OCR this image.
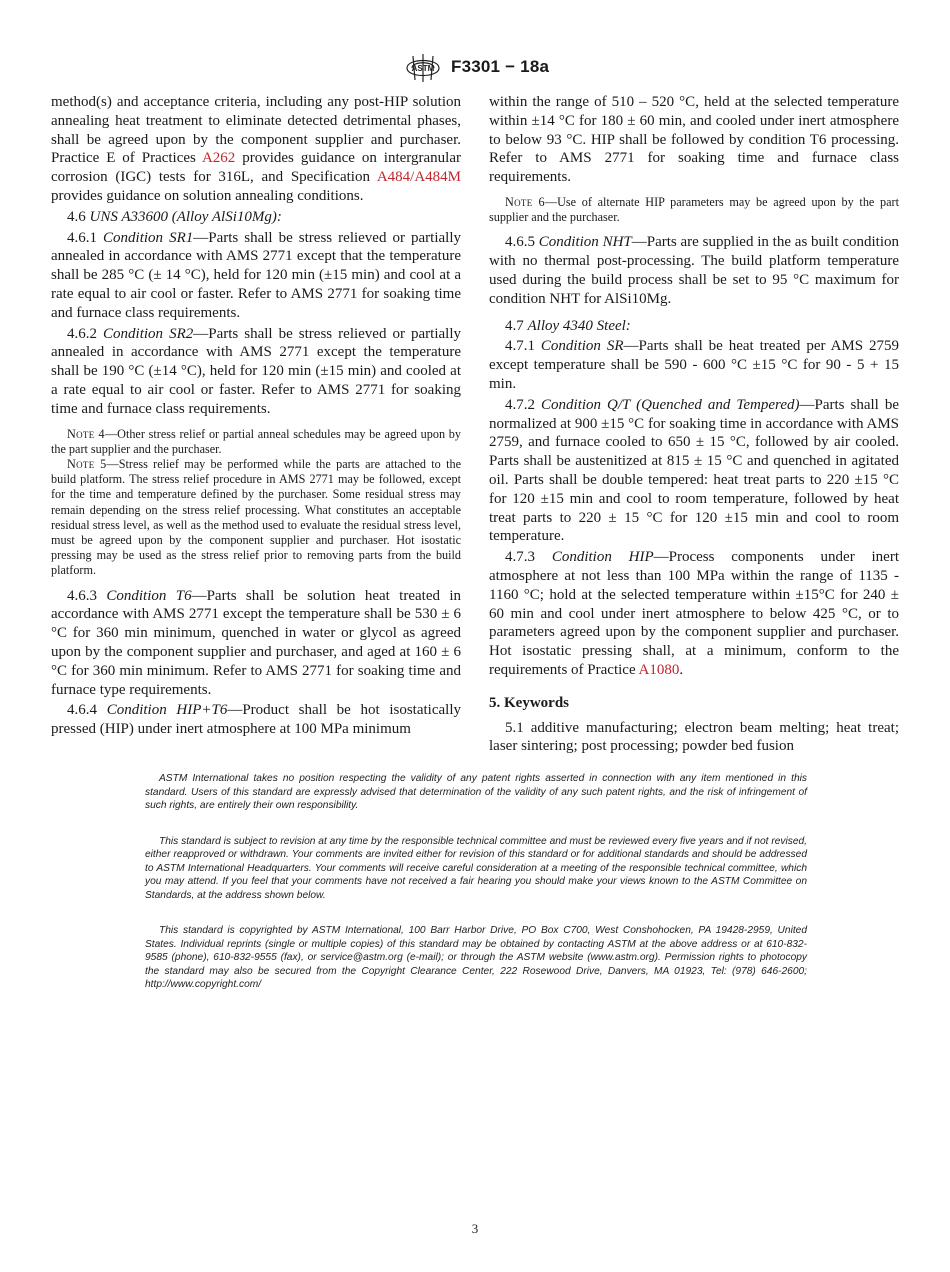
ASTM F3301 − 18a

method(s) and acceptance criteria, including any post-HIP solution annealing heat treatment to eliminate detected detrimental phases, shall be agreed upon by the component supplier and purchaser. Practice E of Practices A262 provides guidance on intergranular corrosion (IGC) tests for 316L, and Specification A484/A484M provides guidance on solution annealing conditions.

4.6 UNS A33600 (Alloy AlSi10Mg):

4.6.1 Condition SR1—Parts shall be stress relieved or partially annealed in accordance with AMS 2771 except that the temperature shall be 285 °C (± 14 °C), held for 120 min (±15 min) and cool at a rate equal to air cool or faster. Refer to AMS 2771 for soaking time and furnace class requirements.

4.6.2 Condition SR2—Parts shall be stress relieved or partially annealed in accordance with AMS 2771 except the temperature shall be 190 °C (±14 °C), held for 120 min (±15 min) and cooled at a rate equal to air cool or faster. Refer to AMS 2771 for soaking time and furnace class requirements.

Note 4—Other stress relief or partial anneal schedules may be agreed upon by the part supplier and the purchaser.

Note 5—Stress relief may be performed while the parts are attached to the build platform. The stress relief procedure in AMS 2771 may be followed, except for the time and temperature defined by the purchaser. Some residual stress may remain depending on the stress relief processing. What constitutes an acceptable residual stress level, as well as the method used to evaluate the residual stress level, must be agreed upon by the component supplier and purchaser. Hot isostatic pressing may be used as the stress relief prior to removing parts from the build platform.

4.6.3 Condition T6—Parts shall be solution heat treated in accordance with AMS 2771 except the temperature shall be 530 ± 6 °C for 360 min minimum, quenched in water or glycol as agreed upon by the component supplier and purchaser, and aged at 160 ± 6 °C for 360 min minimum. Refer to AMS 2771 for soaking time and furnace type requirements.

4.6.4 Condition HIP+T6—Product shall be hot isostatically pressed (HIP) under inert atmosphere at 100 MPa minimum

within the range of 510 – 520 °C, held at the selected temperature within ±14 °C for 180 ± 60 min, and cooled under inert atmosphere to below 93 °C. HIP shall be followed by condition T6 processing. Refer to AMS 2771 for soaking time and furnace class requirements.

Note 6—Use of alternate HIP parameters may be agreed upon by the part supplier and the purchaser.

4.6.5 Condition NHT—Parts are supplied in the as built condition with no thermal post-processing. The build platform temperature used during the build process shall be set to 95 °C maximum for condition NHT for AlSi10Mg.

4.7 Alloy 4340 Steel:

4.7.1 Condition SR—Parts shall be heat treated per AMS 2759 except temperature shall be 590 - 600 °C ±15 °C for 90 - 5 + 15 min.

4.7.2 Condition Q/T (Quenched and Tempered)—Parts shall be normalized at 900 ±15 °C for soaking time in accordance with AMS 2759, and furnace cooled to 650 ± 15 °C, followed by air cooled. Parts shall be austenitized at 815 ± 15 °C and quenched in agitated oil. Parts shall be double tempered: heat treat parts to 220 ±15 °C for 120 ±15 min and cool to room temperature, followed by heat treat parts to 220 ± 15 °C for 120 ±15 min and cool to room temperature.

4.7.3 Condition HIP—Process components under inert atmosphere at not less than 100 MPa within the range of 1135 - 1160 °C; hold at the selected temperature within ±15°C for 240 ± 60 min and cool under inert atmosphere to below 425 °C, or to parameters agreed upon by the component supplier and purchaser. Hot isostatic pressing shall, at a minimum, conform to the requirements of Practice A1080.

5. Keywords

5.1 additive manufacturing; electron beam melting; heat treat; laser sintering; post processing; powder bed fusion

ASTM International takes no position respecting the validity of any patent rights asserted in connection with any item mentioned in this standard. Users of this standard are expressly advised that determination of the validity of any such patent rights, and the risk of infringement of such rights, are entirely their own responsibility.

This standard is subject to revision at any time by the responsible technical committee and must be reviewed every five years and if not revised, either reapproved or withdrawn. Your comments are invited either for revision of this standard or for additional standards and should be addressed to ASTM International Headquarters. Your comments will receive careful consideration at a meeting of the responsible technical committee, which you may attend. If you feel that your comments have not received a fair hearing you should make your views known to the ASTM Committee on Standards, at the address shown below.

This standard is copyrighted by ASTM International, 100 Barr Harbor Drive, PO Box C700, West Conshohocken, PA 19428-2959, United States. Individual reprints (single or multiple copies) of this standard may be obtained by contacting ASTM at the above address or at 610-832-9585 (phone), 610-832-9555 (fax), or service@astm.org (e-mail); or through the ASTM website (www.astm.org). Permission rights to photocopy the standard may also be secured from the Copyright Clearance Center, 222 Rosewood Drive, Danvers, MA 01923, Tel: (978) 646-2600; http://www.copyright.com/

3
